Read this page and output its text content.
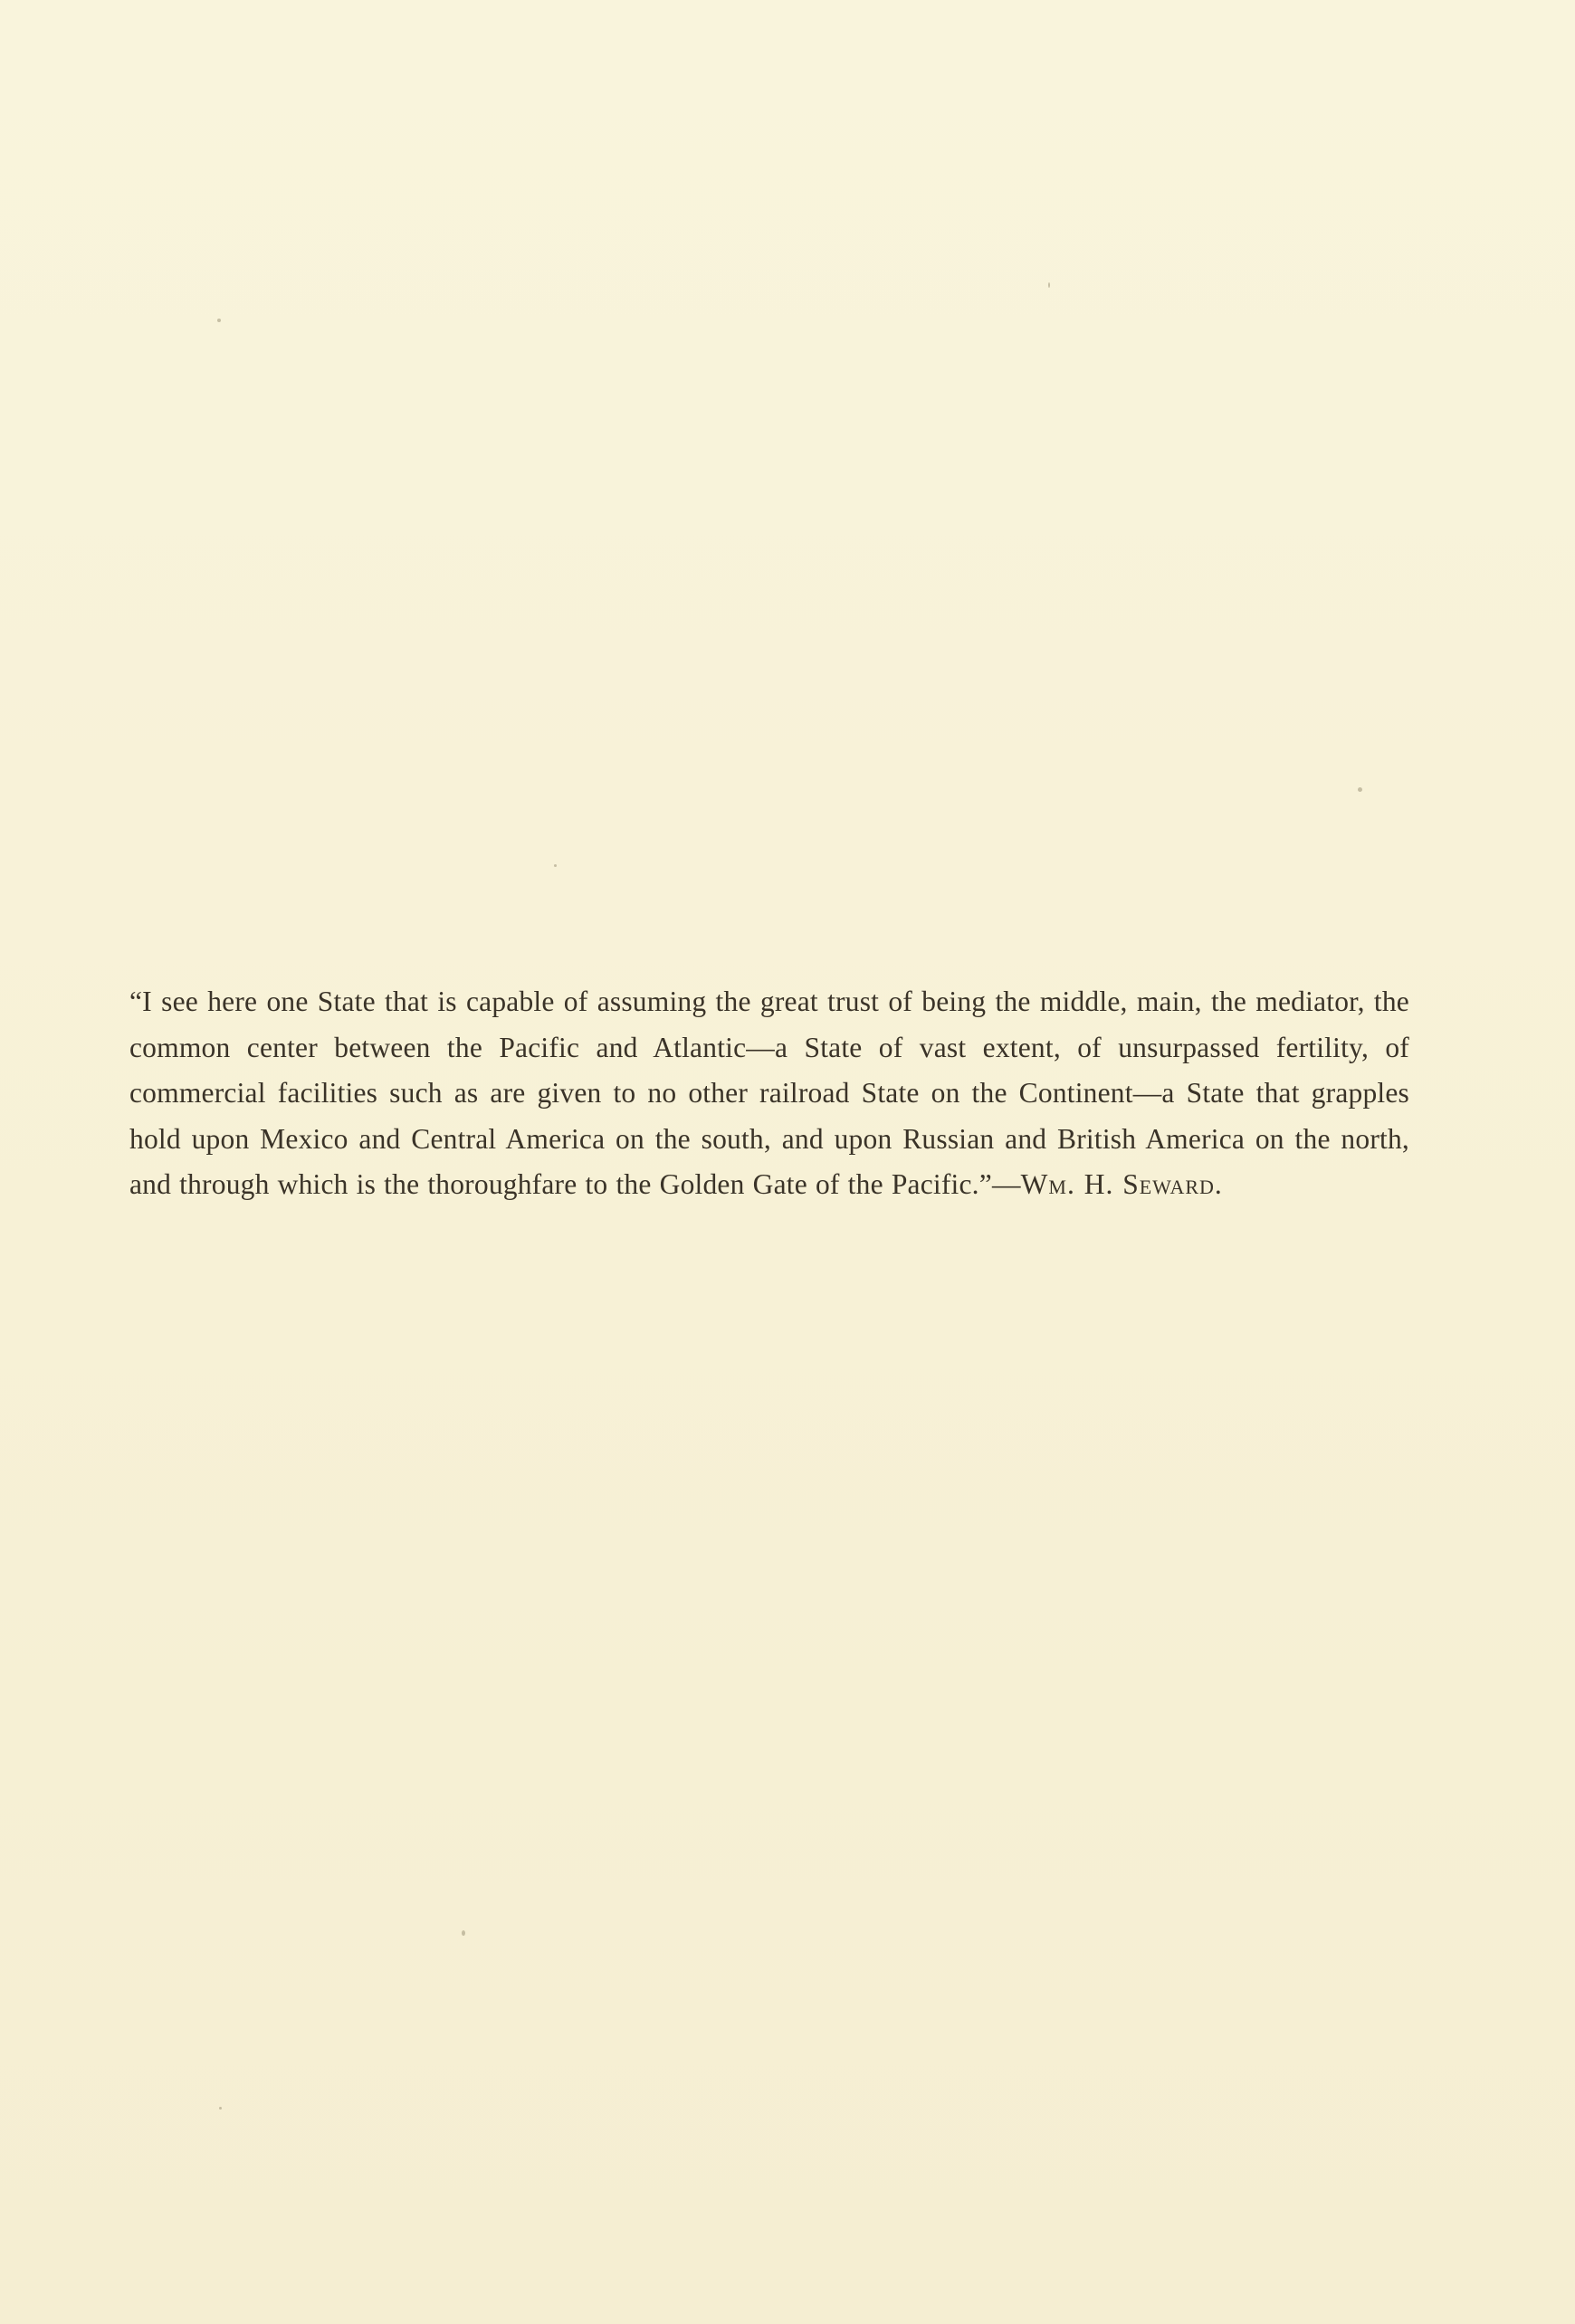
“I see here one State that is capable of assuming the great trust of being the middle, main, the mediator, the common center between the Pacific and Atlantic—a State of vast extent, of unsurpassed fertility, of commercial facilities such as are given to no other railroad State on the Continent—a State that grapples hold upon Mexico and Central America on the south, and upon Russian and British America on the north, and through which is the thoroughfare to the Golden Gate of the Pacific.”—Wm. H. Seward.
